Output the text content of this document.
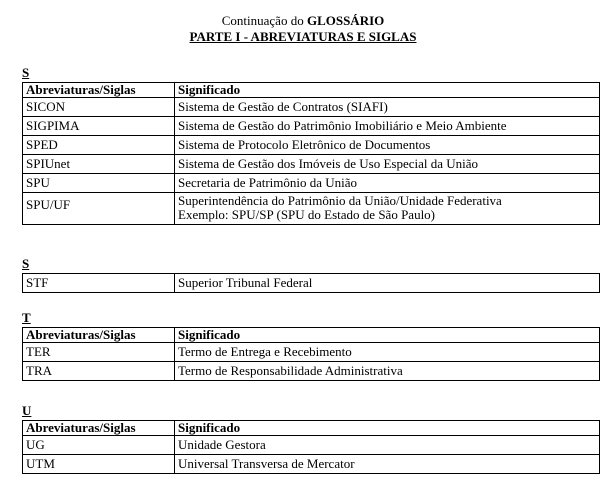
Continuação do GLOSSÁRIO
PARTE I - ABREVIATURAS E SIGLAS
S
Abreviaturas/Siglas	Significado
SICON	Sistema de Gestão de Contratos (SIAFI)
SIGPIMA	Sistema de Gestão do Patrimônio Imobiliário e Meio Ambiente
SPED	Sistema de Protocolo Eletrônico de Documentos
SPIUnet	Sistema de Gestão dos Imóveis de Uso Especial da União
SPU	Secretaria de Patrimônio da União
SPU/UF	Superintendência do Patrimônio da União/Unidade Federativa
Exemplo: SPU/SP (SPU do Estado de São Paulo)
S
STF	Superior Tribunal Federal
T
Abreviaturas/Siglas	Significado
TER	Termo de Entrega e Recebimento
TRA	Termo de Responsabilidade Administrativa
U
Abreviaturas/Siglas	Significado
UG	Unidade Gestora
UTM	Universal Transversa de Mercator
